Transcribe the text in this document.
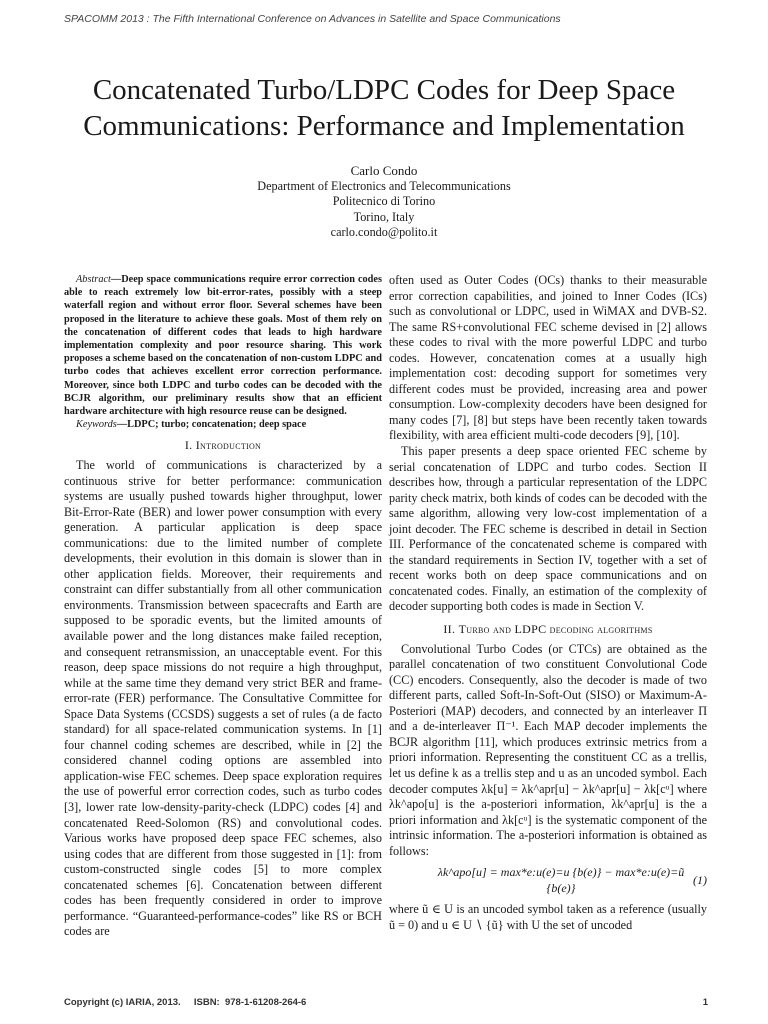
SPACOMM 2013 : The Fifth International Conference on Advances in Satellite and Space Communications
Concatenated Turbo/LDPC Codes for Deep Space
Communications: Performance and Implementation
Carlo Condo
Department of Electronics and Telecommunications
Politecnico di Torino
Torino, Italy
carlo.condo@polito.it

Abstract—Deep space communications require error correction codes able to reach extremely low bit-error-rates, possibly with a steep waterfall region and without error floor. Several schemes have been proposed in the literature to achieve these goals. Most of them rely on the concatenation of different codes that leads to high hardware implementation complexity and poor resource sharing. This work proposes a scheme based on the concatenation of non-custom LDPC and turbo codes that achieves excellent error correction performance. Moreover, since both LDPC and turbo codes can be decoded with the BCJR algorithm, our preliminary results show that an efficient hardware architecture with high resource reuse can be designed.

Keywords—LDPC; turbo; concatenation; deep space

I. Introduction

The world of communications is characterized by a continuous strive for better performance: communication systems are usually pushed towards higher throughput, lower Bit-Error-Rate (BER) and lower power consumption with every generation. A particular application is deep space communications: due to the limited number of complete developments, their evolution in this domain is slower than in other application fields. Moreover, their requirements and constraint can differ substantially from all other communication environments. Transmission between spacecrafts and Earth are supposed to be sporadic events, but the limited amounts of available power and the long distances make failed reception, and consequent retransmission, an unacceptable event. For this reason, deep space missions do not require a high throughput, while at the same time they demand very strict BER and frame-error-rate (FER) performance. The Consultative Committee for Space Data Systems (CCSDS) suggests a set of rules (a de facto standard) for all space-related communication systems. In [1] four channel coding schemes are described, while in [2] the considered channel coding options are assembled into application-wise FEC schemes. Deep space exploration requires the use of powerful error correction codes, such as turbo codes [3], lower rate low-density-parity-check (LDPC) codes [4] and concatenated Reed-Solomon (RS) and convolutional codes. Various works have proposed deep space FEC schemes, also using codes that are different from those suggested in [1]: from custom-constructed single codes [5] to more complex concatenated schemes [6]. Concatenation between different codes has been frequently considered in order to improve performance. “Guaranteed-performance-codes” like RS or BCH codes are

often used as Outer Codes (OCs) thanks to their measurable error correction capabilities, and joined to Inner Codes (ICs) such as convolutional or LDPC, used in WiMAX and DVB-S2. The same RS+convolutional FEC scheme devised in [2] allows these codes to rival with the more powerful LDPC and turbo codes. However, concatenation comes at a usually high implementation cost: decoding support for sometimes very different codes must be provided, increasing area and power consumption. Low-complexity decoders have been designed for many codes [7], [8] but steps have been recently taken towards flexibility, with area efficient multi-code decoders [9], [10].

This paper presents a deep space oriented FEC scheme by serial concatenation of LDPC and turbo codes. Section II describes how, through a particular representation of the LDPC parity check matrix, both kinds of codes can be decoded with the same algorithm, allowing very low-cost implementation of a joint decoder. The FEC scheme is described in detail in Section III. Performance of the concatenated scheme is compared with the standard requirements in Section IV, together with a set of recent works both on deep space communications and on concatenated codes. Finally, an estimation of the complexity of decoder supporting both codes is made in Section V.

II. Turbo and LDPC decoding algorithms

Convolutional Turbo Codes (or CTCs) are obtained as the parallel concatenation of two constituent Convolutional Code (CC) encoders. Consequently, also the decoder is made of two different parts, called Soft-In-Soft-Out (SISO) or Maximum-A-Posteriori (MAP) decoders, and connected by an interleaver Π and a de-interleaver Π⁻¹. Each MAP decoder implements the BCJR algorithm [11], which produces extrinsic metrics from a priori information. Representing the constituent CC as a trellis, let us define k as a trellis step and u as an uncoded symbol. Each decoder computes λk[u] = λk^apr[u] − λk^apr[u] − λk[cᵘ] where λk^apo[u] is the a-posteriori information, λk^apr[u] is the a priori information and λk[cᵘ] is the systematic component of the intrinsic information. The a-posteriori information is obtained as follows:

λk^apo[u] = max*e:u(e)=u {b(e)} − max*e:u(e)=ũ {b(e)}
(1)

where ũ ∈ U is an uncoded symbol taken as a reference (usually ũ = 0) and u ∈ U ∖ {ũ} with U the set of uncoded

Copyright (c) IARIA, 2013.     ISBN:  978-1-61208-264-6	1
